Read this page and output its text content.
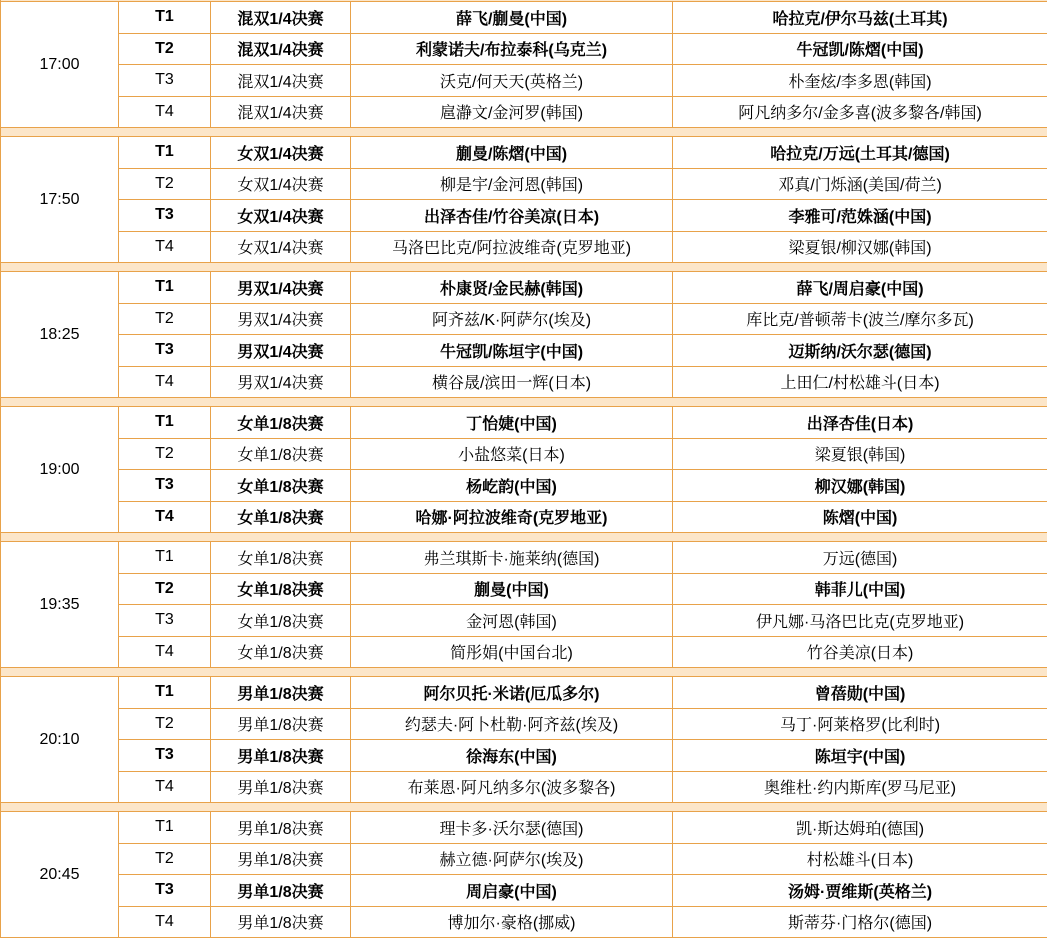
17:00	T1	混双1/4决赛	薛飞/蒯曼(中国)	哈拉克/伊尔马兹(土耳其)
	T2	混双1/4决赛	利蒙诺夫/布拉泰科(乌克兰)	牛冠凯/陈熠(中国)
	T3	混双1/4决赛	沃克/何天天(英格兰)	朴奎炫/李多恩(韩国)
	T4	混双1/4决赛	扈瀞文/金河罗(韩国)	阿凡纳多尔/金多喜(波多黎各/韩国)

17:50	T1	女双1/4决赛	蒯曼/陈熠(中国)	哈拉克/万远(土耳其/德国)
	T2	女双1/4决赛	柳是宇/金河恩(韩国)	邓真/门烁涵(美国/荷兰)
	T3	女双1/4决赛	出泽杏佳/竹谷美凉(日本)	李雅可/范姝涵(中国)
	T4	女双1/4决赛	马洛巴比克/阿拉波维奇(克罗地亚)	梁夏银/柳汉娜(韩国)

18:25	T1	男双1/4决赛	朴康贤/金民赫(韩国)	薛飞/周启豪(中国)
	T2	男双1/4决赛	阿齐兹/K·阿萨尔(埃及)	库比克/普顿蒂卡(波兰/摩尔多瓦)
	T3	男双1/4决赛	牛冠凯/陈垣宇(中国)	迈斯纳/沃尔瑟(德国)
	T4	男双1/4决赛	横谷晟/滨田一辉(日本)	上田仁/村松雄斗(日本)

19:00	T1	女单1/8决赛	丁怡婕(中国)	出泽杏佳(日本)
	T2	女单1/8决赛	小盐悠菜(日本)	梁夏银(韩国)
	T3	女单1/8决赛	杨屹韵(中国)	柳汉娜(韩国)
	T4	女单1/8决赛	哈娜·阿拉波维奇(克罗地亚)	陈熠(中国)

19:35	T1	女单1/8决赛	弗兰琪斯卡·施莱纳(德国)	万远(德国)
	T2	女单1/8决赛	蒯曼(中国)	韩菲儿(中国)
	T3	女单1/8决赛	金河恩(韩国)	伊凡娜·马洛巴比克(克罗地亚)
	T4	女单1/8决赛	简彤娟(中国台北)	竹谷美凉(日本)

20:10	T1	男单1/8决赛	阿尔贝托·米诺(厄瓜多尔)	曾蓓勋(中国)
	T2	男单1/8决赛	约瑟夫·阿卜杜勒·阿齐兹(埃及)	马丁·阿莱格罗(比利时)
	T3	男单1/8决赛	徐海东(中国)	陈垣宇(中国)
	T4	男单1/8决赛	布莱恩·阿凡纳多尔(波多黎各)	奥维杜·约内斯库(罗马尼亚)

20:45	T1	男单1/8决赛	理卡多·沃尔瑟(德国)	凯·斯达姆珀(德国)
	T2	男单1/8决赛	赫立德·阿萨尔(埃及)	村松雄斗(日本)
	T3	男单1/8决赛	周启豪(中国)	汤姆·贾维斯(英格兰)
	T4	男单1/8决赛	博加尔·豪格(挪威)	斯蒂芬·门格尔(德国)
